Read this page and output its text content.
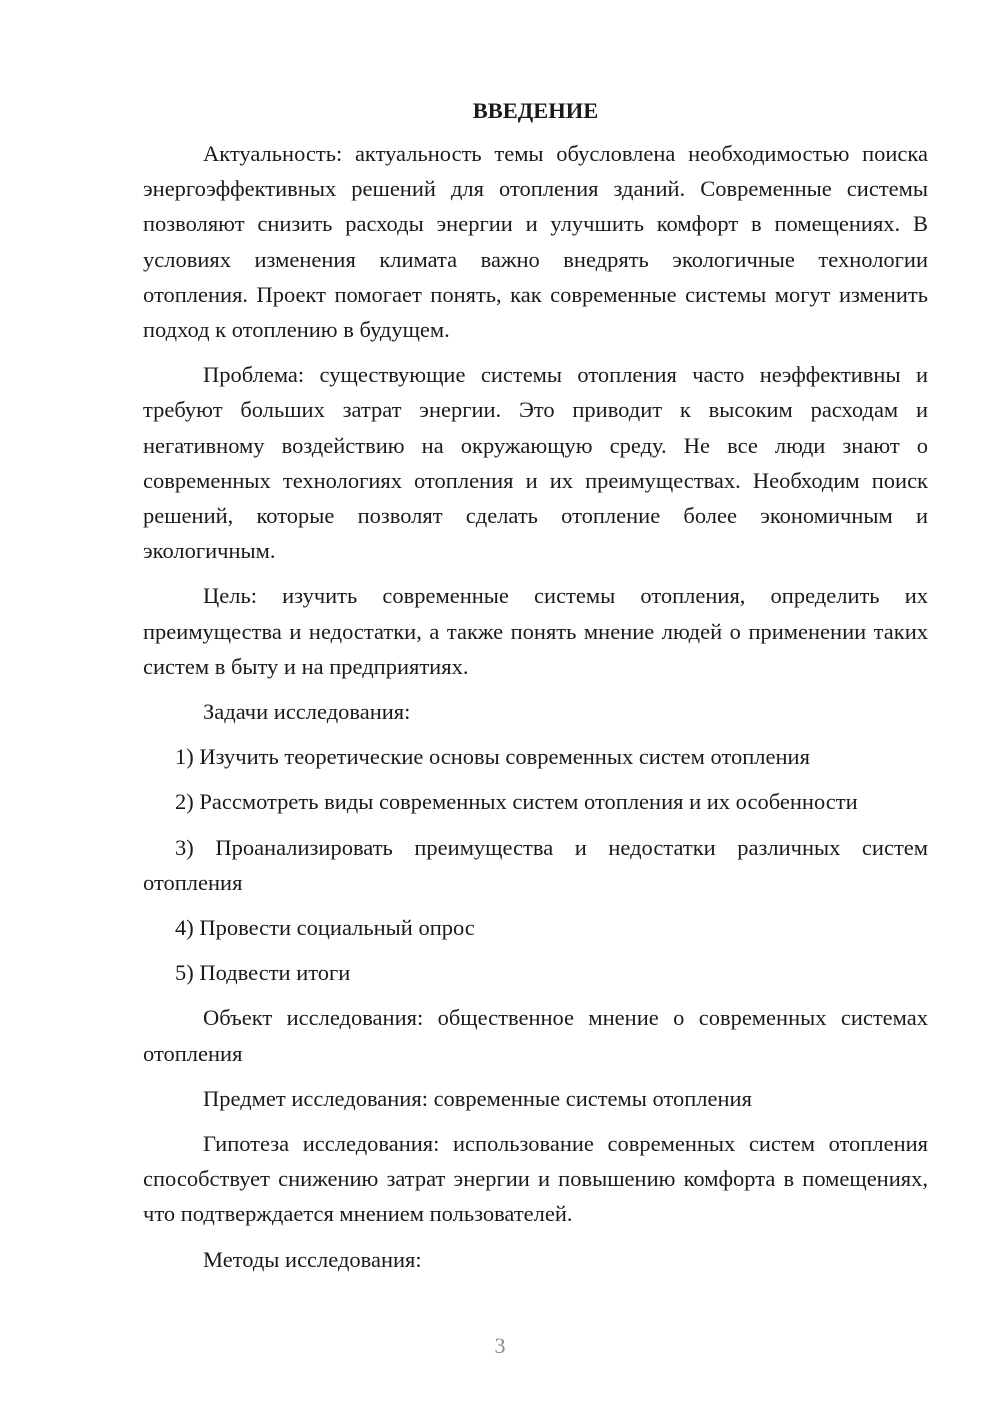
ВВЕДЕНИЕ

Актуальность: актуальность темы обусловлена необходимостью поиска энергоэффективных решений для отопления зданий. Современные системы позволяют снизить расходы энергии и улучшить комфорт в помещениях. В условиях изменения климата важно внедрять экологичные технологии отопления. Проект помогает понять, как современные системы могут изменить подход к отоплению в будущем.

Проблема: существующие системы отопления часто неэффективны и требуют больших затрат энергии. Это приводит к высоким расходам и негативному воздействию на окружающую среду. Не все люди знают о современных технологиях отопления и их преимуществах. Необходим поиск решений, которые позволят сделать отопление более экономичным и экологичным.

Цель: изучить современные системы отопления, определить их преимущества и недостатки, а также понять мнение людей о применении таких систем в быту и на предприятиях.

Задачи исследования:

1) Изучить теоретические основы современных систем отопления

2) Рассмотреть виды современных систем отопления и их особенности

3) Проанализировать преимущества и недостатки различных систем отопления

4) Провести социальный опрос

5) Подвести итоги

Объект исследования: общественное мнение о современных системах отопления

Предмет исследования: современные системы отопления

Гипотеза исследования: использование современных систем отопления способствует снижению затрат энергии и повышению комфорта в помещениях, что подтверждается мнением пользователей.

Методы исследования:

3
